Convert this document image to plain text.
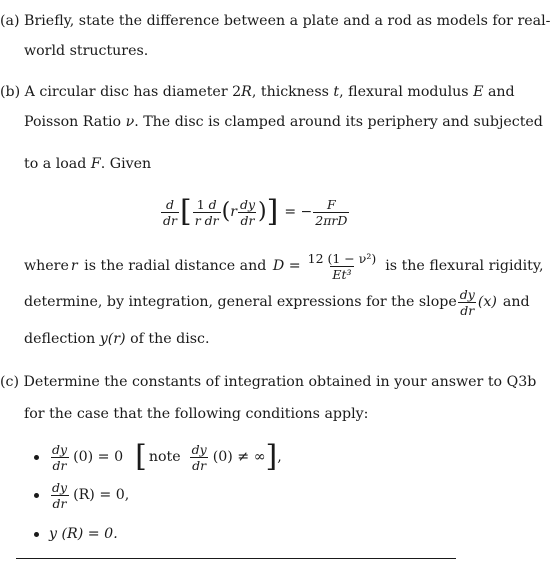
(a) Briefly, state the difference between a plate and a rod as models for real-
world structures.
(b) A circular disc has diameter 2R, thickness t, flexural modulus E and
Poisson Ratio ν. The disc is clamped around its periphery and subjected
to a load F. Given
$\frac{d}{dr}$ [ $\frac{1 d}{\text{r dr}}$ ( r $\frac{dy}{dr}$ ) ] = − $\frac{F}{\text{2πrD}}$
where r is the radial distance and $D = \frac{\text{12 (1 − ν²)}}{\text{Et³}}$ is the flexural rigidity,
determine, by integration, general expressions for the slope $\frac{dy}{dr} (x)$ and
deflection y(r) of the disc.
(c) Determine the constants of integration obtained in your answer to Q3b
for the case that the following conditions apply:
$\frac{dy}{dr} (0) = 0$ [ note $\frac{dy}{dr} (0)$ ≠ ∞ ] ,
$\frac{dy}{dr} (R) = 0$,
y (R) = 0.
